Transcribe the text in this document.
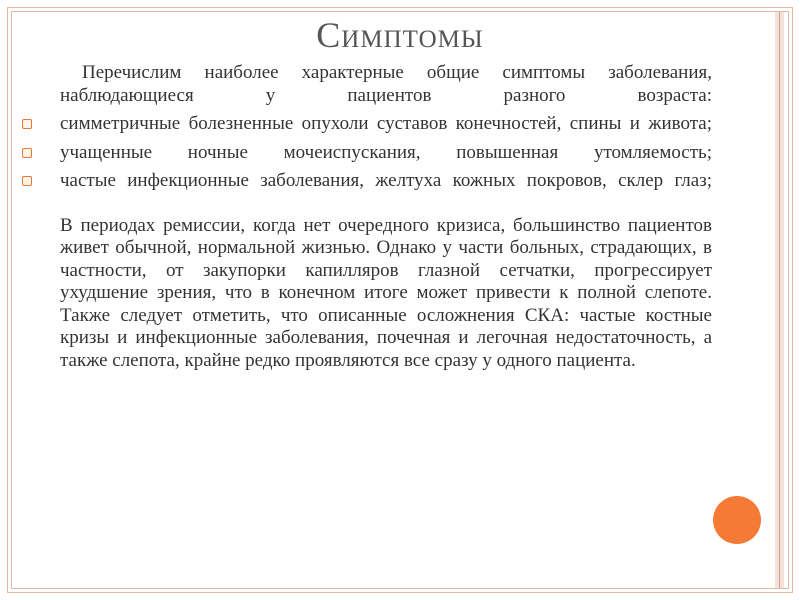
Симптомы
Перечислим наиболее характерные общие симптомы заболевания, наблюдающиеся у пациентов разного возраста:
симметричные болезненные опухоли суставов конечностей, спины и живота;
учащенные ночные мочеиспускания, повышенная утомляемость;
частые инфекционные заболевания, желтуха кожных покровов, склер глаз;
В периодах ремиссии, когда нет очередного кризиса, большинство пациентов живет обычной, нормальной жизнью. Однако у части больных, страдающих, в частности, от закупорки капилляров глазной сетчатки, прогрессирует ухудшение зрения, что в конечном итоге может привести к полной слепоте.
Также следует отметить, что описанные осложнения СКА: частые костные кризы и инфекционные заболевания, почечная и легочная недостаточность, а также слепота, крайне редко проявляются все сразу у одного пациента.
